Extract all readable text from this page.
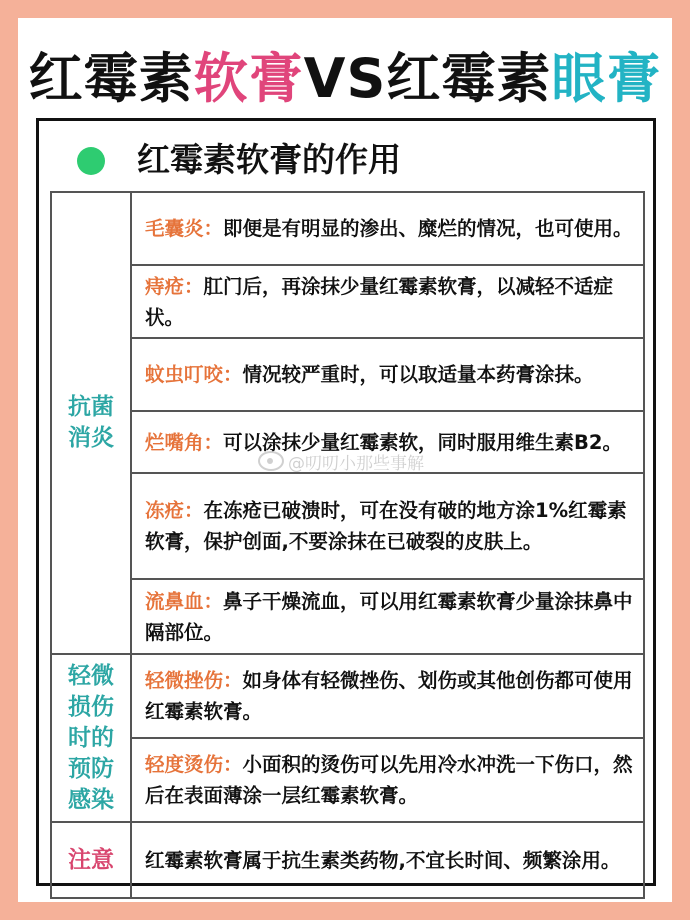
红霉素软膏VS红霉素眼膏
红霉素软膏的作用
抗菌消炎	毛囊炎：即便是有明显的渗出、糜烂的情况，也可使用。
	痔疮：肛门后，再涂抹少量红霉素软膏，以减轻不适症状。
	蚊虫叮咬：情况较严重时，可以取适量本药膏涂抹。
	烂嘴角：可以涂抹少量红霉素软，同时服用维生素B2。
	冻疮：在冻疮已破溃时，可在没有破的地方涂1%红霉素软膏，保护创面,不要涂抹在已破裂的皮肤上。
	流鼻血：鼻子干燥流血，可以用红霉素软膏少量涂抹鼻中隔部位。
轻微损伤时的预防感染	轻微挫伤：如身体有轻微挫伤、划伤或其他创伤都可使用红霉素软膏。
	轻度烫伤：小面积的烫伤可以先用冷水冲洗一下伤口，然后在表面薄涂一层红霉素软膏。
注意	红霉素软膏属于抗生素类药物,不宜长时间、频繁涂用。
@叨叨小那些事解
